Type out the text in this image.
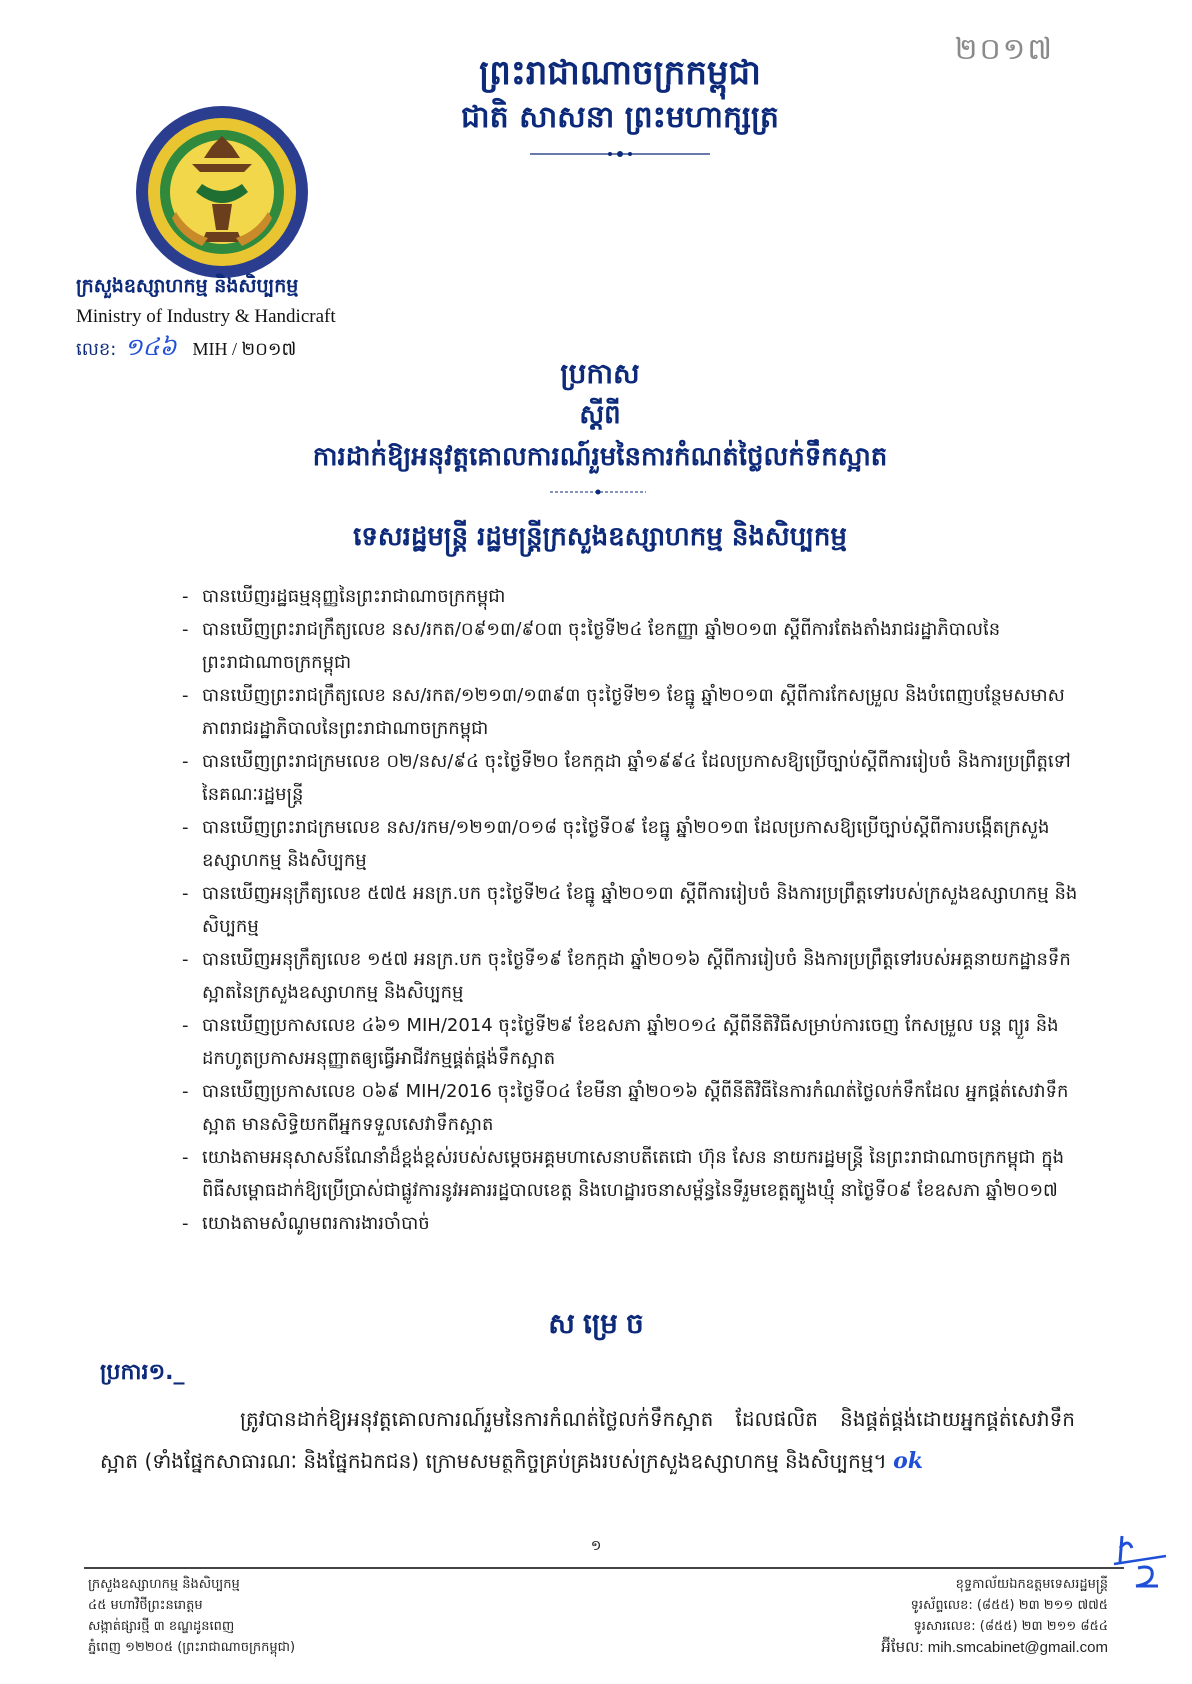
២០១៧
ព្រះរាជាណាចក្រកម្ពុជា
ជាតិ សាសនា ព្រះមហាក្សត្រ
ក្រសួងឧស្សាហកម្ម និងសិប្បកម្ម
Ministry of Industry & Handicraft
លេខ: ១៤៦ MIH / ២០១៧
ប្រកាស
ស្តីពី
ការដាក់ឱ្យអនុវត្តគោលការណ៍រួមនៃការកំណត់ថ្លៃលក់ទឹកស្អាត
ទេសរដ្ឋមន្ត្រី រដ្ឋមន្ត្រីក្រសួងឧស្សាហកម្ម និងសិប្បកម្ម
- បានឃើញរដ្ឋធម្មនុញ្ញនៃព្រះរាជាណាចក្រកម្ពុជា
- បានឃើញព្រះរាជក្រឹត្យលេខ នស/រកត/០៩១៣/៩០៣ ចុះថ្ងៃទី២៤ ខែកញ្ញា ឆ្នាំ២០១៣ ស្តីពីការតែងតាំងរាជរដ្ឋាភិបាលនៃព្រះរាជាណាចក្រកម្ពុជា
- បានឃើញព្រះរាជក្រឹត្យលេខ នស/រកត/១២១៣/១៣៩៣ ចុះថ្ងៃទី២១ ខែធ្នូ ឆ្នាំ២០១៣ ស្តីពីការកែសម្រួល និងបំពេញបន្ថែមសមាសភាពរាជរដ្ឋាភិបាលនៃព្រះរាជាណាចក្រកម្ពុជា
- បានឃើញព្រះរាជក្រមលេខ ០២/នស/៩៤ ចុះថ្ងៃទី២០ ខែកក្កដា ឆ្នាំ១៩៩៤ ដែលប្រកាសឱ្យប្រើច្បាប់ស្តីពីការរៀបចំ និងការប្រព្រឹត្តទៅនៃគណៈរដ្ឋមន្ត្រី
- បានឃើញព្រះរាជក្រមលេខ នស/រកម/១២១៣/០១៨ ចុះថ្ងៃទី០៩ ខែធ្នូ ឆ្នាំ២០១៣ ដែលប្រកាសឱ្យប្រើច្បាប់ស្តីពីការបង្កើតក្រសួងឧស្សាហកម្ម និងសិប្បកម្ម
- បានឃើញអនុក្រឹត្យលេខ ៥៧៥ អនក្រ.បក ចុះថ្ងៃទី២៤ ខែធ្នូ ឆ្នាំ២០១៣ ស្តីពីការរៀបចំ និងការប្រព្រឹត្តទៅរបស់ក្រសួងឧស្សាហកម្ម និងសិប្បកម្ម
- បានឃើញអនុក្រឹត្យលេខ ១៥៧ អនក្រ.បក ចុះថ្ងៃទី១៩ ខែកក្កដា ឆ្នាំ២០១៦ ស្តីពីការរៀបចំ និងការប្រព្រឹត្តទៅរបស់អគ្គនាយកដ្ឋានទឹកស្អាតនៃក្រសួងឧស្សាហកម្ម និងសិប្បកម្ម
- បានឃើញប្រកាសលេខ ៤៦១ MIH/2014 ចុះថ្ងៃទី២៩ ខែឧសភា ឆ្នាំ២០១៤ ស្តីពីនីតិវិធីសម្រាប់ការចេញ កែសម្រួល បន្ត ព្យួរ និងដកហូតប្រកាសអនុញ្ញាតឲ្យធ្វើអាជីវកម្មផ្គត់ផ្គង់ទឹកស្អាត
- បានឃើញប្រកាសលេខ ០៦៩ MIH/2016 ចុះថ្ងៃទី០៤ ខែមីនា ឆ្នាំ២០១៦ ស្តីពីនីតិវិធីនៃការកំណត់ថ្លៃលក់ទឹកដែល អ្នកផ្គត់សេវាទឹកស្អាត មានសិទ្ធិយកពីអ្នកទទួលសេវាទឹកស្អាត
- យោងតាមអនុសាសន៍ណែនាំដ៏ខ្ពង់ខ្ពស់របស់សម្តេចអគ្គមហាសេនាបតីតេជោ ហ៊ុន សែន នាយករដ្ឋមន្ត្រី នៃព្រះរាជាណាចក្រកម្ពុជា ក្នុងពិធីសម្ពោធដាក់ឱ្យប្រើប្រាស់ជាផ្លូវការនូវអគាររដ្ឋបាលខេត្ត និងហេដ្ឋារចនាសម្ព័ន្ធនៃទីរួមខេត្តត្បូងឃ្មុំ នាថ្ងៃទី០៩ ខែឧសភា ឆ្នាំ២០១៧
- យោងតាមសំណូមពរការងារចាំបាច់
សម្រេច
ប្រការ១._

ត្រូវបានដាក់ឱ្យអនុវត្តគោលការណ៍រួមនៃការកំណត់ថ្លៃលក់ទឹកស្អាត ដែលផលិត និងផ្គត់ផ្គង់ដោយអ្នកផ្គត់សេវាទឹកស្អាត (ទាំងផ្នែកសាធារណៈ និងផ្នែកឯកជន) ក្រោមសមត្ថកិច្ចគ្រប់គ្រងរបស់ក្រសួងឧស្សាហកម្ម និងសិប្បកម្ម។ ok

១
ក្រសួងឧស្សាហកម្ម និងសិប្បកម្ម
៤៥ មហាវិថីព្រះនរោត្តម
សង្កាត់ផ្សារថ្មី ៣ ខណ្ឌដូនពេញ
ភ្នំពេញ ១២២០៥ (ព្រះរាជាណាចក្រកម្ពុជា)
ខុទ្ទកាល័យឯកឧត្តមទេសរដ្ឋមន្ត្រី
ទូរស័ព្ទលេខ: (៨៥៥) ២៣ ២១១ ៧៧៥
ទូរសារលេខ: (៨៥៥) ២៣ ២១១ ៨៥៤
អ៊ីមែល: mih.smcabinet@gmail.com
